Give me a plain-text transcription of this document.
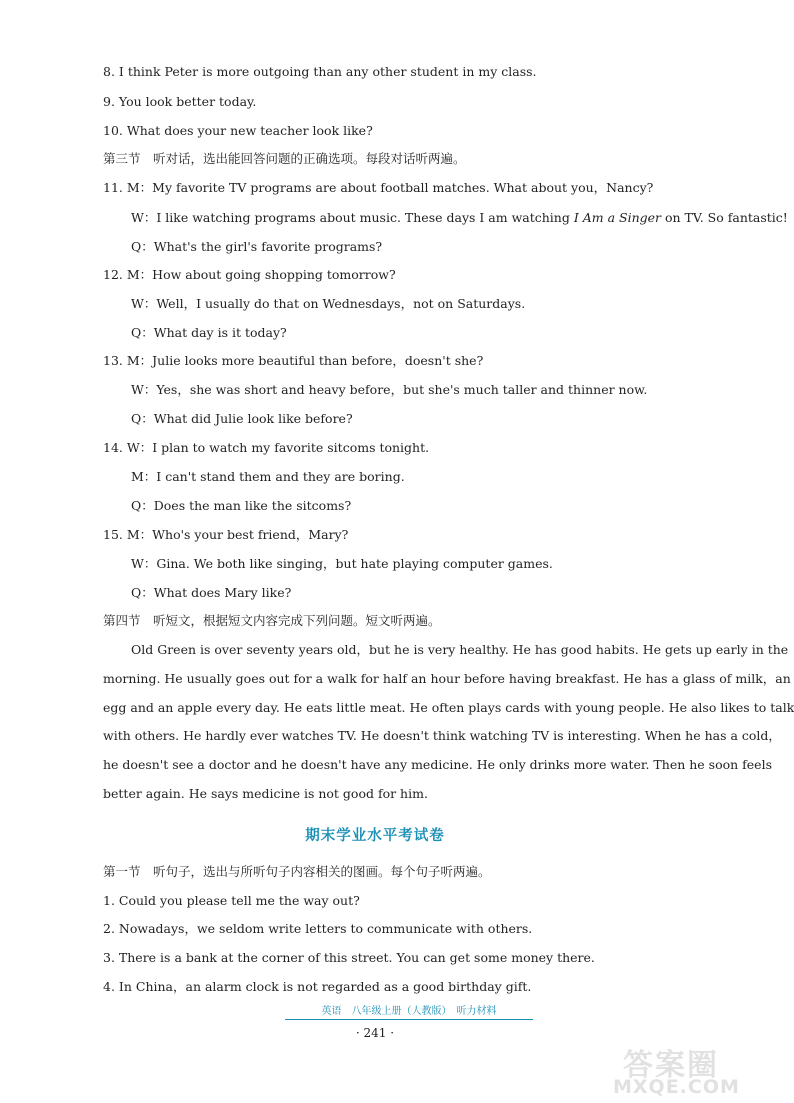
8. I think Peter is more outgoing than any other student in my class.
9. You look better today.
10. What does your new teacher look like?
第三节　听对话，选出能回答问题的正确选项。每段对话听两遍。
11. M：My favorite TV programs are about football matches. What about you，Nancy?
W：I like watching programs about music. These days I am watching I Am a Singer on TV. So fantastic!
Q：What's the girl's favorite programs?
12. M：How about going shopping tomorrow?
W：Well，I usually do that on Wednesdays，not on Saturdays.
Q：What day is it today?
13. M：Julie looks more beautiful than before，doesn't she?
W：Yes，she was short and heavy before，but she's much taller and thinner now.
Q：What did Julie look like before?
14. W：I plan to watch my favorite sitcoms tonight.
M：I can't stand them and they are boring.
Q：Does the man like the sitcoms?
15. M：Who's your best friend，Mary?
W：Gina. We both like singing，but hate playing computer games.
Q：What does Mary like?
第四节　听短文，根据短文内容完成下列问题。短文听两遍。
Old Green is over seventy years old，but he is very healthy. He has good habits. He gets up early in the
morning. He usually goes out for a walk for half an hour before having breakfast. He has a glass of milk，an
egg and an apple every day. He eats little meat. He often plays cards with young people. He also likes to talk
with others. He hardly ever watches TV. He doesn't think watching TV is interesting. When he has a cold，
he doesn't see a doctor and he doesn't have any medicine. He only drinks more water. Then he soon feels
better again. He says medicine is not good for him.
期末学业水平考试卷
第一节　听句子，选出与所听句子内容相关的图画。每个句子听两遍。
1. Could you please tell me the way out?
2. Nowadays，we seldom write letters to communicate with others.
3. There is a bank at the corner of this street. You can get some money there.
4. In China，an alarm clock is not regarded as a good birthday gift.
英语　八年级上册（人教版）　听力材料
· 241 ·
答案圈
MXQE.COM
